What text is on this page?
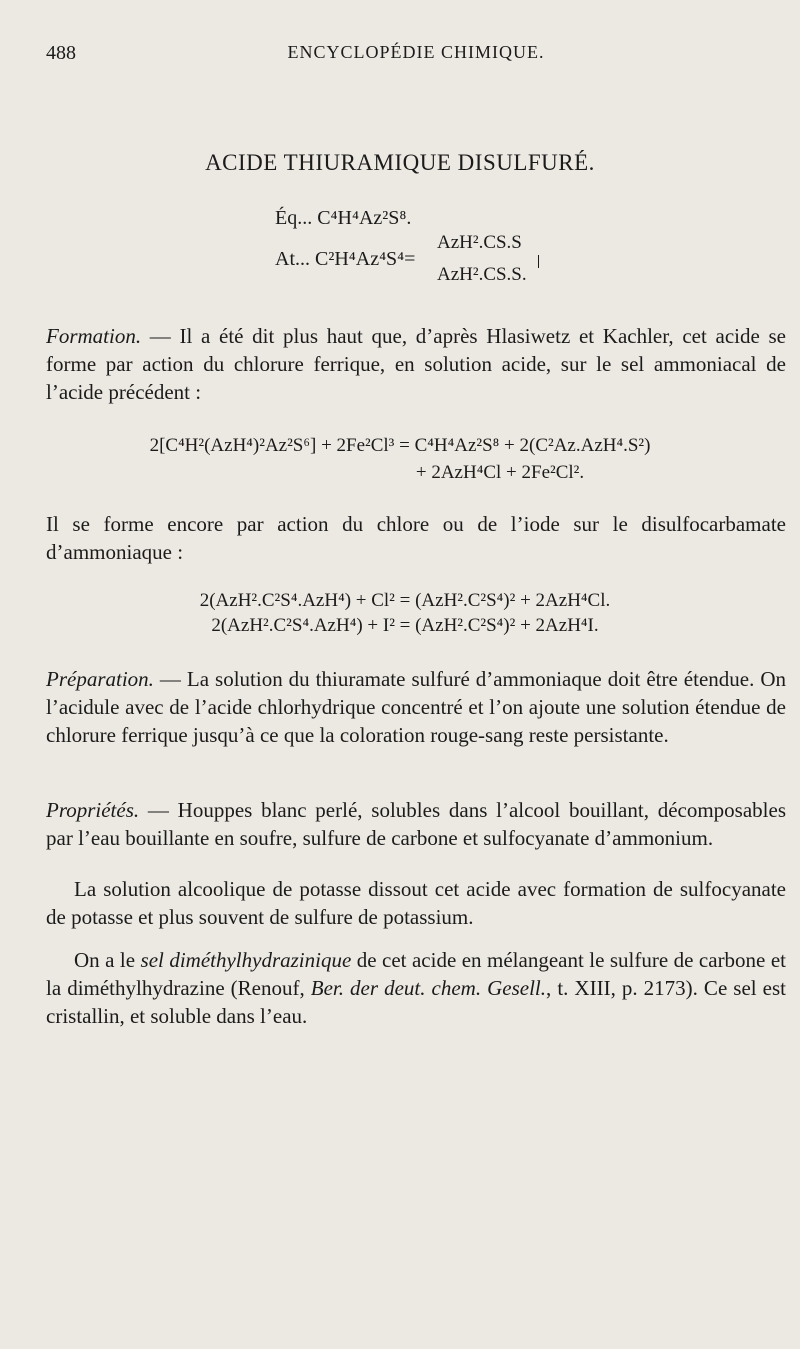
488	ENCYCLOPÉDIE CHIMIQUE.
ACIDE THIURAMIQUE DISULFURÉ.
Éq... C⁴H⁴Az²S⁸.
AzH².CS.S
At... C²H⁴Az⁴S⁴=
AzH².CS.S.
Formation. — Il a été dit plus haut que, d’après Hlasiwetz et Kachler, cet acide se forme par action du chlorure ferrique, en solution acide, sur le sel ammoniacal de l’acide précédent :
2[C⁴H²(AzH⁴)²Az²S⁶] + 2Fe²Cl³ = C⁴H⁴Az²S⁸ + 2(C²Az.AzH⁴.S²)
+ 2AzH⁴Cl + 2Fe²Cl².
Il se forme encore par action du chlore ou de l’iode sur le disulfocarbamate d’ammoniaque :
2(AzH².C²S⁴.AzH⁴) + Cl² = (AzH².C²S⁴)² + 2AzH⁴Cl.
2(AzH².C²S⁴.AzH⁴) + I² = (AzH².C²S⁴)² + 2AzH⁴I.
Préparation. — La solution du thiuramate sulfuré d’ammoniaque doit être étendue. On l’acidule avec de l’acide chlorhydrique concentré et l’on ajoute une solution étendue de chlorure ferrique jusqu’à ce que la coloration rouge-sang reste persistante.
Propriétés. — Houppes blanc perlé, solubles dans l’alcool bouillant, décomposables par l’eau bouillante en soufre, sulfure de carbone et sulfocyanate d’ammonium.
La solution alcoolique de potasse dissout cet acide avec formation de sulfocyanate de potasse et plus souvent de sulfure de potassium.
On a le sel diméthylhydrazinique de cet acide en mélangeant le sulfure de carbone et la diméthylhydrazine (Renouf, Ber. der deut. chem. Gesell., t. XIII, p. 2173). Ce sel est cristallin, et soluble dans l’eau.
